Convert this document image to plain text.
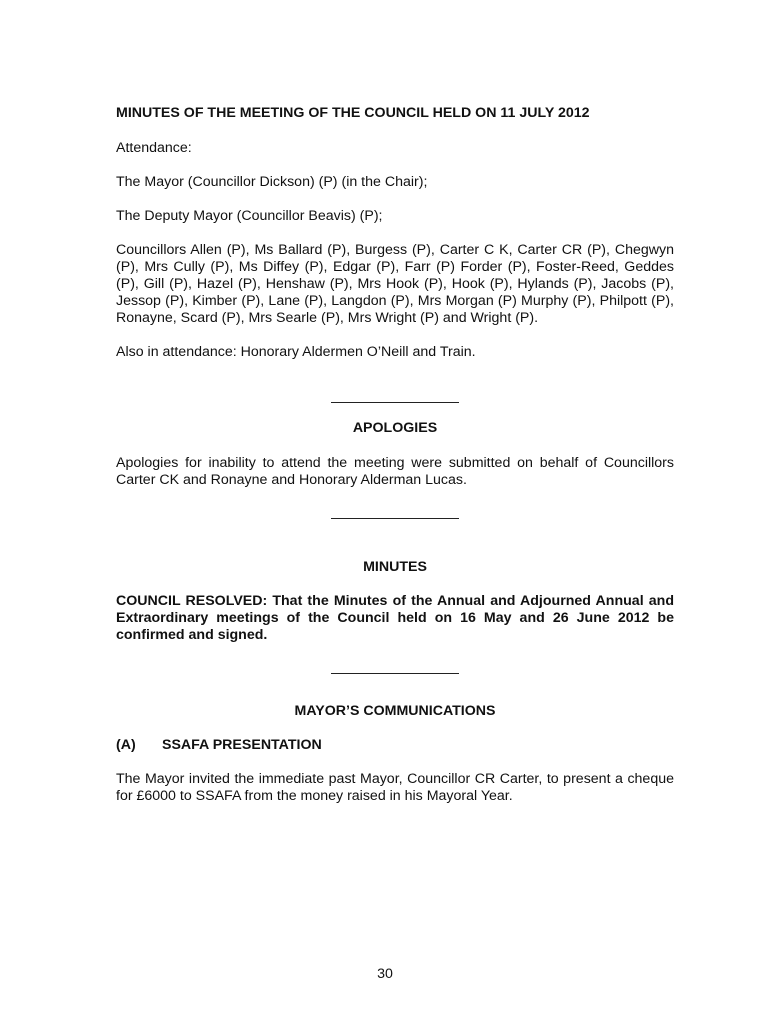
MINUTES OF THE MEETING OF THE COUNCIL HELD ON 11 JULY 2012

Attendance:

The Mayor (Councillor Dickson) (P) (in the Chair);

The Deputy Mayor (Councillor Beavis) (P);

Councillors Allen (P), Ms Ballard (P), Burgess (P), Carter C K, Carter CR (P), Chegwyn (P), Mrs Cully (P), Ms Diffey (P), Edgar (P), Farr (P) Forder (P), Foster-Reed, Geddes (P), Gill (P), Hazel (P), Henshaw (P), Mrs Hook (P), Hook (P), Hylands (P), Jacobs (P), Jessop (P), Kimber (P), Lane (P), Langdon (P), Mrs Morgan (P) Murphy (P), Philpott (P), Ronayne, Scard (P), Mrs Searle (P), Mrs Wright (P) and Wright (P).

Also in attendance: Honorary Aldermen O’Neill and Train.

APOLOGIES

Apologies for inability to attend the meeting were submitted on behalf of Councillors Carter CK and Ronayne and Honorary Alderman Lucas.

MINUTES

COUNCIL RESOLVED: That the Minutes of the Annual and Adjourned Annual and Extraordinary meetings of the Council held on 16 May and 26 June 2012 be confirmed and signed.

MAYOR’S COMMUNICATIONS
(A)	SSAFA PRESENTATION

The Mayor invited the immediate past Mayor, Councillor CR Carter, to present a cheque for £6000 to SSAFA from the money raised in his Mayoral Year.

30
